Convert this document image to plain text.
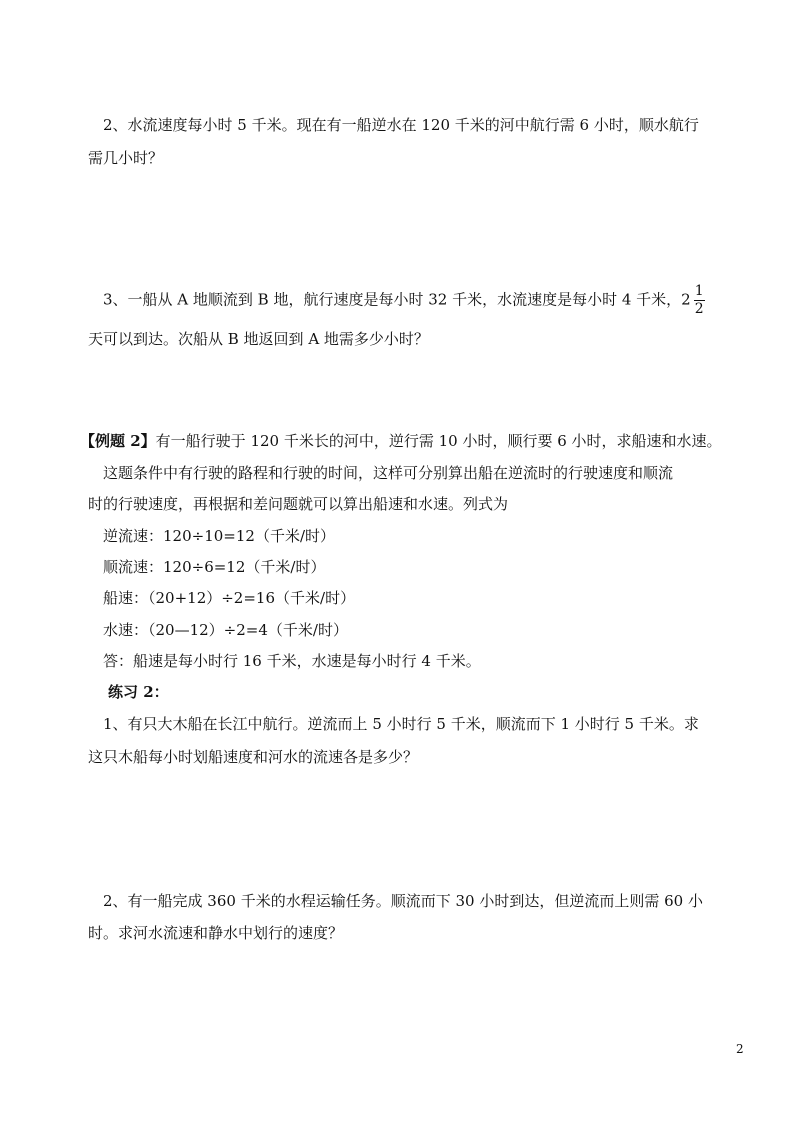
2、水流速度每小时 5 千米。现在有一船逆水在 120 千米的河中航行需 6 小时，顺水航行
需几小时？
3、一船从 A 地顺流到 B 地，航行速度是每小时 32 千米，水流速度是每小时 4 千米，$2 \frac{1}{2}$
天可以到达。次船从 B 地返回到 A 地需多少小时？
【例题 2】有一船行驶于 120 千米长的河中，逆行需 10 小时，顺行要 6 小时，求船速和水速。
这题条件中有行驶的路程和行驶的时间，这样可分别算出船在逆流时的行驶速度和顺流
时的行驶速度，再根据和差问题就可以算出船速和水速。列式为
逆流速：120÷10=12（千米/时）
顺流速：120÷6=12（千米/时）
船速：（20+12）÷2=16（千米/时）
水速：（20—12）÷2=4（千米/时）
答：船速是每小时行 16 千米，水速是每小时行 4 千米。
练习 2：
1、有只大木船在长江中航行。逆流而上 5 小时行 5 千米，顺流而下 1 小时行 5 千米。求
这只木船每小时划船速度和河水的流速各是多少？
2、有一船完成 360 千米的水程运输任务。顺流而下 30 小时到达，但逆流而上则需 60 小
时。求河水流速和静水中划行的速度？
2
